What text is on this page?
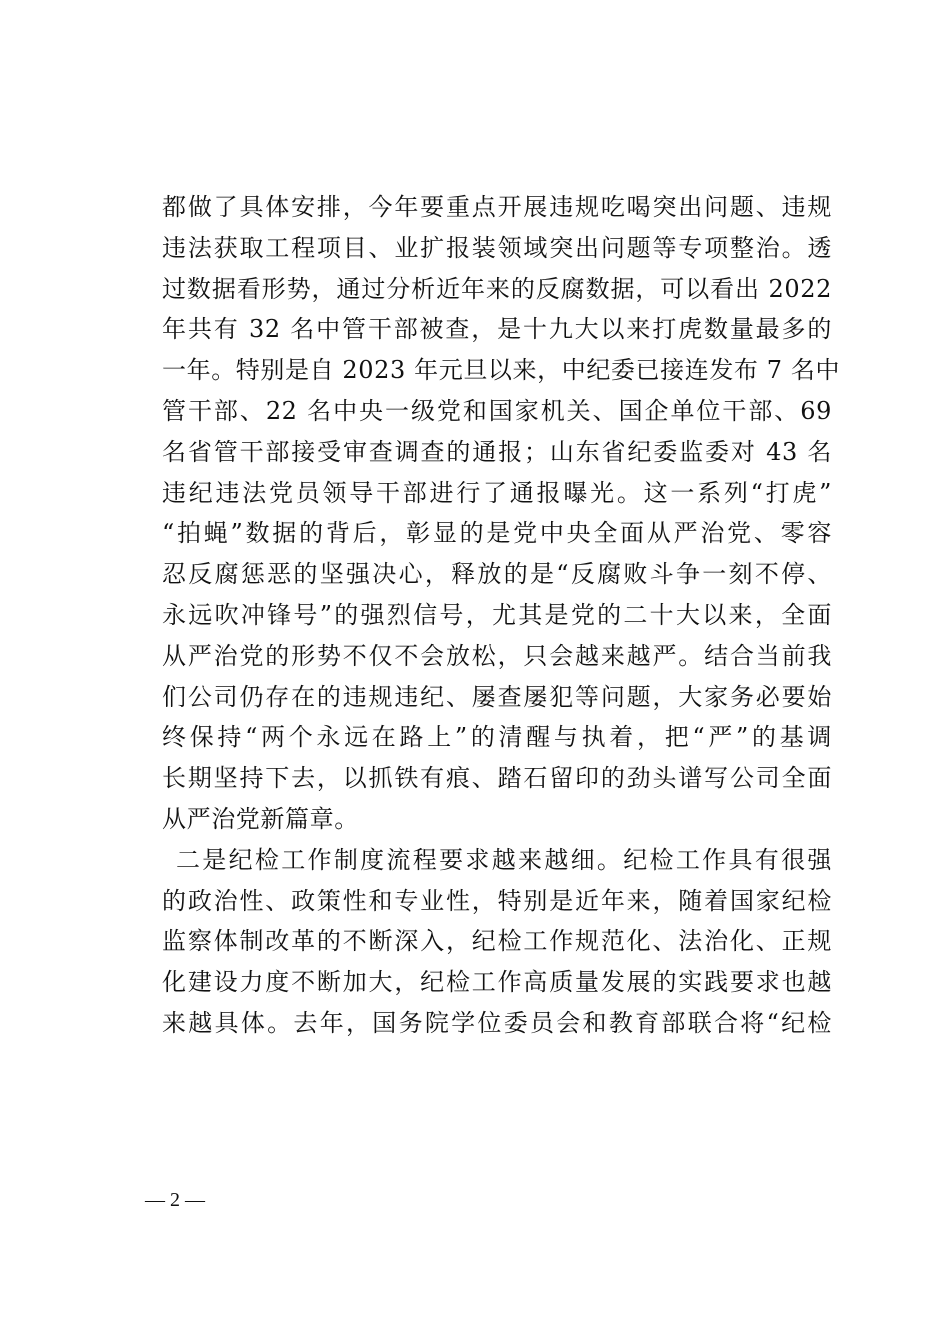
都做了具体安排，今年要重点开展违规吃喝突出问题、违规
违法获取工程项目、业扩报装领域突出问题等专项整治。透
过数据看形势，通过分析近年来的反腐数据，可以看出 2022
年共有 32 名中管干部被查，是十九大以来打虎数量最多的
一年。特别是自 2023 年元旦以来，中纪委已接连发布 7 名中
管干部、22 名中央一级党和国家机关、国企单位干部、69
名省管干部接受审查调查的通报；山东省纪委监委对 43 名
违纪违法党员领导干部进行了通报曝光。这一系列“打虎”
“拍蝇”数据的背后，彰显的是党中央全面从严治党、零容
忍反腐惩恶的坚强决心，释放的是“反腐败斗争一刻不停、
永远吹冲锋号”的强烈信号，尤其是党的二十大以来，全面
从严治党的形势不仅不会放松，只会越来越严。结合当前我
们公司仍存在的违规违纪、屡查屡犯等问题，大家务必要始
终保持“两个永远在路上”的清醒与执着，把“严”的基调
长期坚持下去，以抓铁有痕、踏石留印的劲头谱写公司全面
从严治党新篇章。
二是纪检工作制度流程要求越来越细。纪检工作具有很强
的政治性、政策性和专业性，特别是近年来，随着国家纪检
监察体制改革的不断深入，纪检工作规范化、法治化、正规
化建设力度不断加大，纪检工作高质量发展的实践要求也越
来越具体。去年，国务院学位委员会和教育部联合将“纪检
— 2 —
